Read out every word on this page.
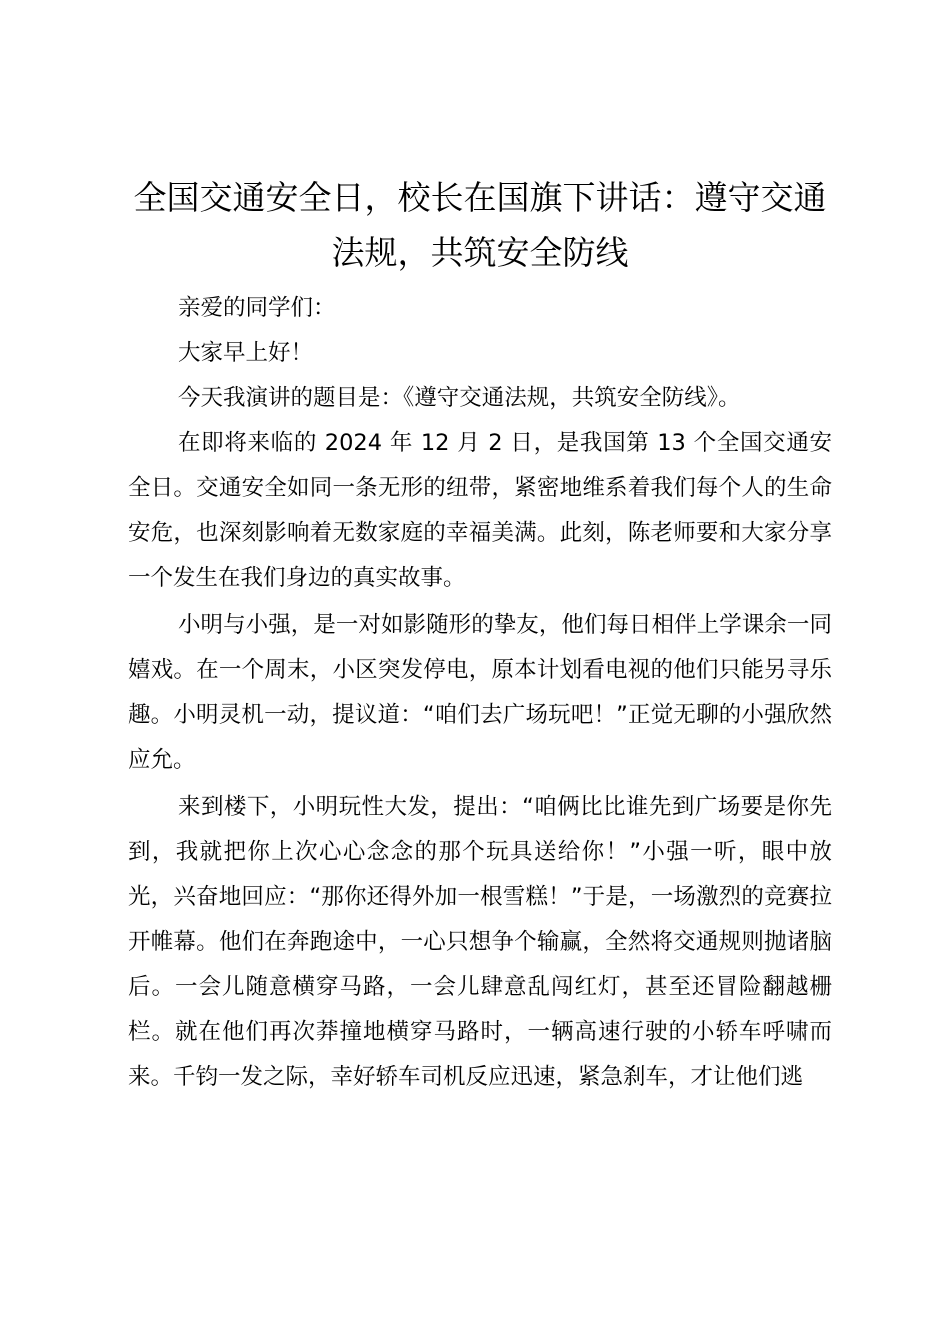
全国交通安全日，校长在国旗下讲话：遵守交通法规，共筑安全防线

亲爱的同学们：

大家早上好！

今天我演讲的题目是：《遵守交通法规，共筑安全防线》。

在即将来临的 2024 年 12 月 2 日，是我国第 13 个全国交通安全日。交通安全如同一条无形的纽带，紧密地维系着我们每个人的生命安危，也深刻影响着无数家庭的幸福美满。此刻，陈老师要和大家分享一个发生在我们身边的真实故事。

小明与小强，是一对如影随形的挚友，他们每日相伴上学课余一同嬉戏。在一个周末，小区突发停电，原本计划看电视的他们只能另寻乐趣。小明灵机一动，提议道：“咱们去广场玩吧！”正觉无聊的小强欣然应允。

来到楼下，小明玩性大发，提出：“咱俩比比谁先到广场要是你先到，我就把你上次心心念念的那个玩具送给你！”小强一听，眼中放光，兴奋地回应：“那你还得外加一根雪糕！”于是，一场激烈的竞赛拉开帷幕。他们在奔跑途中，一心只想争个输赢，全然将交通规则抛诸脑后。一会儿随意横穿马路，一会儿肆意乱闯红灯，甚至还冒险翻越栅栏。就在他们再次莽撞地横穿马路时，一辆高速行驶的小轿车呼啸而来。千钧一发之际，幸好轿车司机反应迅速，紧急刹车，才让他们逃
